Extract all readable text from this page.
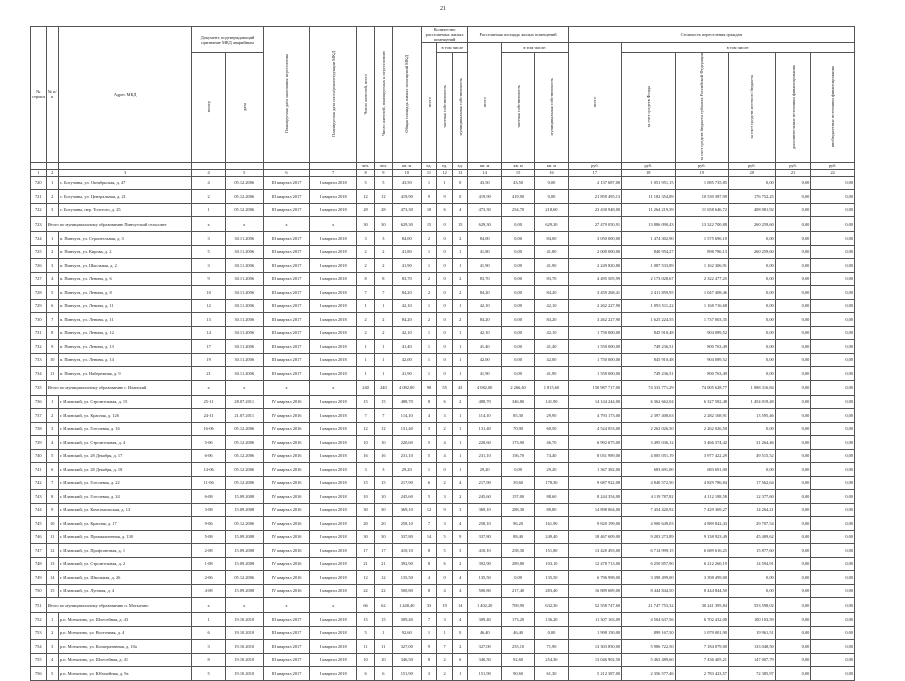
21
№ строки	№ п/п	Адрес МКД	Документ, подтверждающий признание МКД аварийным		Планируемая дата окончания переселения	Планируемая дата сноса/реконструкции МКД	Число жителей, всего	Число жителей, планируемых к переселению	Общая площадь жилых помещений МКД	Количество расселяемых жилых помещений			Расселяемая площадь жилых помещений			Стоимость переселения граждан					
										всего	в том числе		всего	в том числе:		всего	в том числе:				
			номер	дата							частная собственность	муниципальная собственность		частная собственность	муниципальная собственность		за счет средств Фонда	за счет средств бюджета субъекта Российской Федерации	за счет средств местного бюджета	дополнительные источники финансирования	внебюджетные источники финансирования
							чел.	чел.	кв. м	ед.	ед.	ед.	кв. м	кв. м	кв. м	руб.	руб.	руб.	руб.	руб.	руб.
1	2	3	4	5	6	7	8	9	10	11	12	13	14	15	16	17	18	19	20	21	22
720	1	с. Богучаны, ул. Октябрьская, д. 47	4	05.12.2006	III квартал 2017	I квартал 2018	5	5	43,50	1	1	0	43,50	43,50	0,00	2 137 687,00	1 051 951,15	1 085 735,85	0,00	0,00	0,00
721	2	с. Богучаны, ул. Центральная, д. 21	2	05.12.2006	III квартал 2017	I квартал 2018	12	12	419,90	9	9	0	419,90	419,90	0,00	21 859 495,13	11 182 354,89	10 530 387,99	176 752,25	0,00	0,00
722	3	с. Богучаны, пер. Толстого, д. 25	1	05.12.2006	III квартал 2017	I квартал 2018	28	28	473,30	10	6	4	473,30	254,70	218,60	23 430 948,00	11 264 219,39	11 658 646,72	408 081,92	0,00	0,00
723	Итого по муниципальному образованию Пинчугский сельсовет		x	x	x	x	30	30	629,30	15	0	15	629,30	0,00	629,30	27 479 050,91	13 886 090,43	13 322 700,88	260 259,60	0,00	0,00
724	1	п. Пинчуга, ул. Строительная, д. 3	3	30.11.2006	III квартал 2017	I квартал 2018	3	3	84,00	2	0	2	84,00	0,00	84,00	3 050 000,00	1 474 302,90	1 575 696,10	0,00	0,00	0,00
725	2	п. Пинчуга, ул. Кирова, д. 2	5	30.11.2006	III квартал 2017	I квартал 2018	2	2	41,80	1	0	1	41,80	0,00	41,80	2 000 000,00	840 954,27	898 786,13	260 259,60	0,00	0,00
726	3	п. Пинчуга, ул. Школьная, д. 2	3	30.11.2006	III квартал 2017	I квартал 2018	2	2	41,90	1	0	1	41,90	0,00	41,90	2 249 820,80	1 087 533,89	1 162 306,91	0,00	0,00	0,00
727	4	п. Пинчуга, ул. Ленина, д. 6	9	30.11.2006	III квартал 2017	I квартал 2018	8	8	83,70	2	0	2	83,70	0,00	83,70	4 495 505,99	2 173 028,67	2 322 477,25	0,00	0,00	0,00
728	5	п. Пинчуга, ул. Ленина, д. 8	10	30.11.2006	III квартал 2017	I квартал 2018	7	7	84,20	2	0	2	84,20	0,00	84,20	3 459 268,41	2 411 859,95	1 047 408,46	0,00	0,00	0,00
729	6	п. Пинчуга, ул. Ленина, д. 11	12	30.11.2006	III квартал 2017	I квартал 2018	1	1	42,10	1	0	1	42,10	0,00	42,10	2 262 227,90	1 093 511,22	1 168 716,68	0,00	0,00	0,00
730	7	п. Пинчуга, ул. Ленина, д. 11	13	30.11.2006	III квартал 2017	I квартал 2018	2	2	84,20	2	0	2	84,20	0,00	84,20	3 262 227,90	1 625 224,55	1 737 003,35	0,00	0,00	0,00
731	8	п. Пинчуга, ул. Ленина, д. 12	14	30.11.2006	III квартал 2017	I квартал 2018	2	2	42,10	1	0	1	42,10	0,00	42,10	1 750 000,00	845 910,48	904 089,52	0,00	0,00	0,00
732	9	п. Пинчуга, ул. Ленина, д. 13	17	30.11.2006	III квартал 2017	I квартал 2018	1	1	41,40	1	0	1	41,40	0,00	41,40	1 550 000,00	749 236,51	800 763,49	0,00	0,00	0,00
733	10	п. Пинчуга, ул. Ленина, д. 14	19	30.11.2006	III квартал 2017	I квартал 2018	1	1	42,00	1	0	1	42,00	0,00	42,00	1 750 000,00	845 910,48	904 089,52	0,00	0,00	0,00
734	11	п. Пинчуга, ул. Набережная, д. 9	21	30.11.2006	III квартал 2017	I квартал 2018	1	1	41,90	1	0	1	41,90	0,00	41,90	1 550 000,00	749 236,51	800 763,49	0,00	0,00	0,00
735	Итого по муниципальному образованию г. Иланский		x	x	x	x	240	240	4 082,00	98	55	43	4 082,00	2 266,40	1 815,60	150 987 717,00	74 333 771,29	74 005 628,77	1 088 316,84	0,00	0,00
736	1	г. Иланский, ул. Строительная, д. 15	25-11	28.07.2011	IV квартал 2016	I квартал 2018	15	15	488,70	8	6	2	488,70	346,80	141,90	14 144 244,00	6 362 662,04	6 327 582,48	1 454 019,48	0,00	0,00
737	2	г. Иланский, ул. Красная, д. 126	24-11	21.07.2011	IV квартал 2016	I квартал 2018	7	7	114,10	4	3	1	114,10	85,30	29,90	4 793 173,00	2 397 408,63	2 282 168,91	13 595,46	0,00	0,00
738	3	г. Иланский, ул. Гоголевая, д. 16	16-06	05.12.2006	IV квартал 2016	I квартал 2018	12	12	131,40	3	2	1	131,40	70,90	60,50	4 524 053,00	2 262 026,50	2 262 026,50	0,00	0,00	0,00
739	4	г. Иланский, ул. Строительная, д. 4	5-06	05.12.2006	IV квартал 2016	I квартал 2018	10	10	220,60	5	4	1	220,60	173,90	46,70	6 992 675,00	3 495 036,12	3 466 374,42	31 264,46	0,00	0,00
740	5	г. Иланский, ул. 28 Декабря, д. 17	6-06	05.12.2006	IV квартал 2016	I квартал 2018	16	16	231,10	5	4	1	231,10	156,70	74,40	8 031 989,00	4 005 051,19	3 977 422,29	49 515,52	0,00	0,00
741	6	г. Иланский, ул. 28 Декабря, д. 18	14-06	05.12.2006	IV квартал 2016	I квартал 2018	3	3	29,20	1	0	1	29,20	0,00	29,20	1 367 382,00	683 691,00	683 691,00	0,00	0,00	0,00
742	7	г. Иланский, ул. Гоголевая, д. 22	11-06	05.12.2006	IV квартал 2016	I квартал 2018	15	15	217,90	6	2	4	217,90	39,60	178,30	9 687 922,08	4 840 572,50	4 829 786,84	17 562,64	0,00	0,00
743	8	г. Иланский, ул. Гоголевая, д. 24	6-08	15.09.2008	IV квартал 2016	I квартал 2018	10	10	245,60	5	3	2	245,60	157,00	88,60	8 244 354,00	4 119 787,82	4 112 188,58	12 377,60	0,00	0,00
744	9	г. Иланский, ул. Комсомольская, д. 13	3-08	15.09.2008	IV квартал 2016	I квартал 2018	30	30	369,10	12	9	3	369,10	288,30	80,80	14 898 064,00	7 454 420,92	7 429 369,27	14 264,21	0,00	0,00
745	10	г. Иланский, ул. Красная, д. 17	9-06	05.12.2006	IV квартал 2016	I квартал 2018	20	20	258,10	7	3	4	258,10	96,20	161,90	9 820 199,00	4 900 649,03	4 889 842,43	29 707,54	0,00	0,00
746	11	г. Иланский, ул. Промышленная, д. 130	5-08	15.09.2008	IV квартал 2016	I квартал 2018	30	30	337,80	14	5	9	337,80	88,40	249,40	18 467 609,00	9 203 273,89	9 138 923,49	45 409,62	0,00	0,00
747	12	г. Иланский, ул. Профсоюзная, д. 1	2-08	15.09.2008	IV квартал 2016	I квартал 2018	17	17	410,10	8	5	3	410,10	258,30	151,80	13 420 493,00	6 714 999,15	6 689 616,25	15 877,60	0,00	0,00
748	13	г. Иланский, ул. Строительная, д. 2	1-08	15.09.2008	IV квартал 2016	I квартал 2018	21	21	392,90	8	6	2	392,90	289,80	103,10	12 478 713,00	6 250 857,90	6 212 260,19	14 594,91	0,00	0,00
749	14	г. Иланский, ул. Школьная, д. 26	2-06	05.12.2006	IV квартал 2016	I квартал 2018	12	12	135,50	4	0	4	135,50	0,00	135,50	6 796 998,00	3 398 499,00	3 398 499,00	0,00	0,00	0,00
750	15	г. Иланский, ул. Луговая, д. 4	4-08	15.09.2008	IV квартал 2016	I квартал 2018	22	22	500,80	8	4	4	500,80	217,40	283,40	16 889 689,00	8 444 844,50	8 444 844,50	0,00	0,00	0,00
751	Итого по муниципальному образованию п. Мотыгино		x	x	x	x	66	62	1 448,40	33	19	14	1 402,20	769,90	632,30	52 558 747,60	21 747 753,32	30 241 395,84	553 598,02	0,00	0,00
752	1	р.п. Мотыгино, ул. Шлесейная, д. 43	1	19.10.2010	III квартал 2017	I квартал 2018	15	15	309,40	7	3	4	309,40	173,20	136,20	11 307 163,09	4 504 637,56	6 702 432,00	100 103,59	0,00	0,00
753	2	р.п. Мотыгино, ул. Восточная, д. 4	6	19.10.2010	III квартал 2017	I квартал 2018	5	1	92,60	1	1	0	46,40	46,40	0,00	1 998 150,00	899 167,50	1 079 001,90	19 961,51	0,00	0,00
754	3	р.п. Мотыгино, ул. Кооперативная, д. 10а	3	19.10.2010	III квартал 2017	I квартал 2018	11	11	327,00	9	7	2	327,00	255,10	71,90	13 303 850,00	5 986 722,50	7 184 079,00	133 048,50	0,00	0,00
755	4	р.п. Мотыгино, ул. Шлесейная, д. 41	8	19.10.2010	III квартал 2017	I квартал 2018	10	10	346,50	8	2	6	346,50	92,60	254,30	13 046 902,50	5 463 489,60	7 436 405,21	147 007,79	0,00	0,00
756	5	р.п. Мотыгино, ул. Юбилейная, д. 9а	5	19.10.2010	III квартал 2017	I квартал 2018	6	6	151,90	3	2	1	151,90	90,60	61,30	5 212 387,00	2 356 577,46	2 783 423,57	72 385,97	0,00	0,00
